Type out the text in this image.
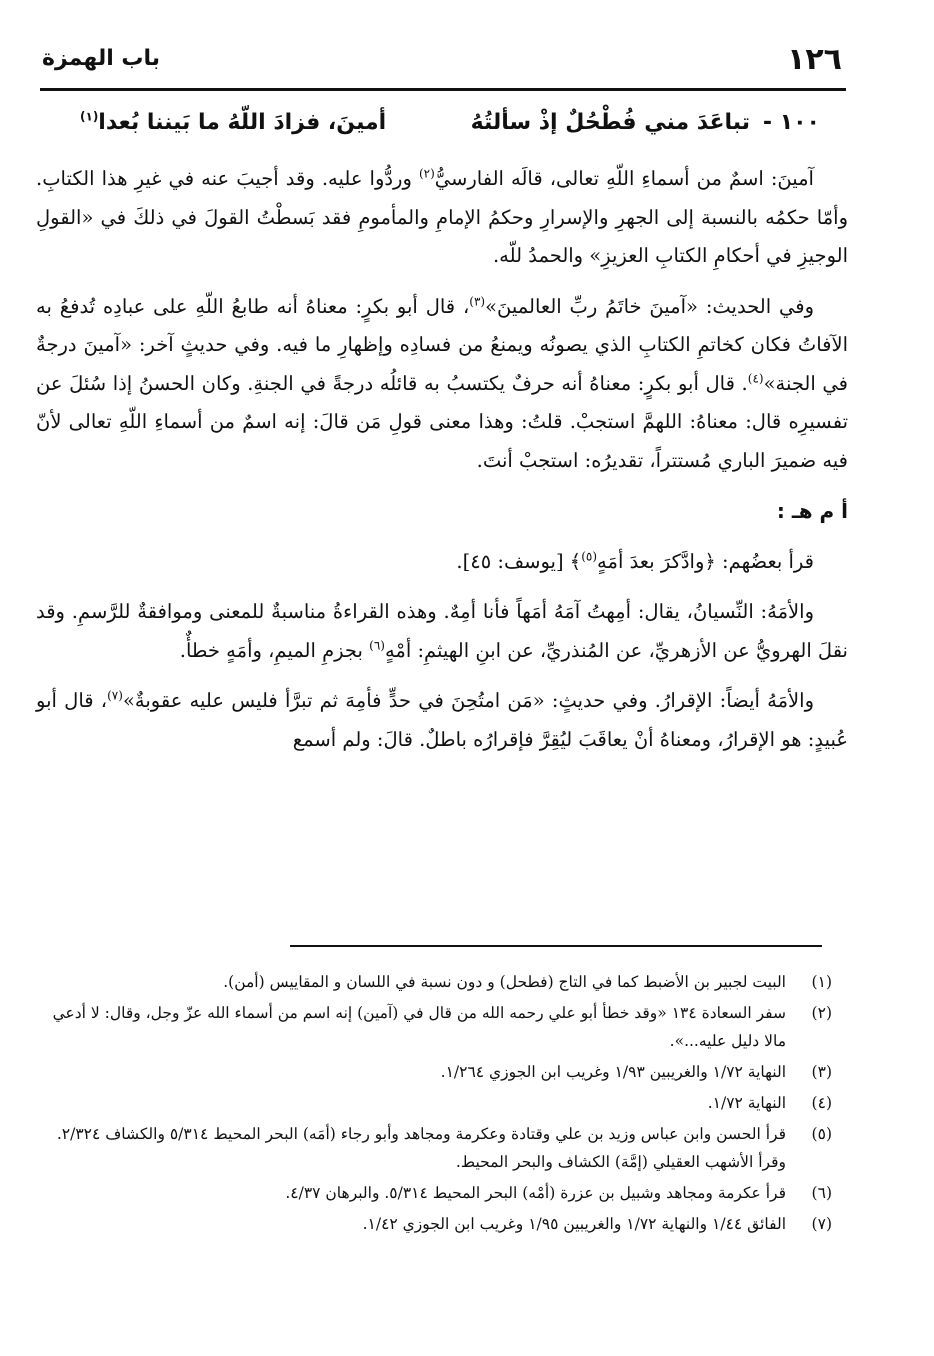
١٢٦
باب الهمزة
١٠٠ -
تباعَدَ مني فُطْحُلٌ إذْ سألتُهُ
أمينَ، فزادَ اللّهُ ما بَيننا بُعدا$^{(١)}$

آمينَ: اسمٌ من أسماءِ اللّهِ تعالى، قالَه الفارسيُّ$^{(٢)}$ وردُّوا عليه. وقد أجيبَ عنه في غيرِ هذا الكتابِ. وأمّا حكمُه بالنسبة إلى الجهرِ والإسرارِ وحكمُ الإمامِ والمأمومِ فقد بَسطْتُ القولَ في ذلكَ في «القولِ الوجيزِ في أحكامِ الكتابِ العزيزِ» والحمدُ للّه.

وفي الحديث: «آمينَ خاتَمُ ربِّ العالمينَ»$^{(٣)}$، قال أبو بكرٍ: معناهُ أنه طابعُ اللّهِ على عبادِه تُدفعُ به الآفاتُ فكان كخاتمِ الكتابِ الذي يصونُه ويمنعُ من فسادِه وإظهارِ ما فيه. وفي حديثٍ آخر: «آمينَ درجةٌ في الجنة»$^{(٤)}$. قال أبو بكرٍ: معناهُ أنه حرفٌ يكتسبُ به قائلُه درجةً في الجنةِ. وكان الحسنُ إذا سُئلَ عن تفسيرِه قال: معناهُ: اللهمَّ استجبْ. قلتُ: وهذا معنى قولِ مَن قالَ: إنه اسمٌ من أسماءِ اللّهِ تعالى لأنّ فيه ضميرَ الباري مُستتراً، تقديرُه: استجبْ أنتَ.

أ م هـ :

قرأ بعضُهم: ﴿وادَّكرَ بعدَ أمَهٍ$^{(٥)}$﴾ [يوسف: ٤٥].

والأمَهُ: النِّسيانُ، يقال: أمِهتُ آمَهُ أمَهاً فأنا أمِهٌ. وهذه القراءةُ مناسبةٌ للمعنى وموافقةٌ للرَّسمِ. وقد نقلَ الهرويُّ عن الأزهريِّ، عن المُنذريِّ، عن ابنِ الهيثمِ: أمْهٍ$^{(٦)}$ بجزمِ الميمِ، وأمَهٍ خطأٌ.

والأمَهُ أيضاً: الإقرارُ. وفي حديثٍ: «مَن امتُحِنَ في حدٍّ فأمِهَ ثم تبرَّأ فليس عليه عقوبةٌ»$^{(٧)}$، قال أبو عُبيدٍ: هو الإقرارُ، ومعناهُ أنْ يعاقَبَ ليُقِرَّ فإقرارُه باطلٌ. قالَ: ولم أسمع

(١)
البيت لجبير بن الأضبط كما في التاج (فطحل) و دون نسبة في اللسان و المقاييس (أمن).
(٢)
سفر السعادة ١٣٤ «وقد خطأ أبو علي رحمه الله من قال في (آمين) إنه اسم من أسماء الله عزّ وجل، وقال: لا أدعي مالا دليل عليه...».
(٣)
النهاية ١/٧٢ والغريبين ١/٩٣ وغريب ابن الجوزي ١/٢٦٤.
(٤)
النهاية ١/٧٢.
(٥)
قرأ الحسن وابن عباس وزيد بن علي وقتادة وعكرمة ومجاهد وأبو رجاء (أمَه) البحر المحيط ٥/٣١٤ والكشاف ٢/٣٢٤. وقرأ الأشهب العقيلي (إمَّة) الكشاف والبحر المحيط.
(٦)
قرأ عكرمة ومجاهد وشبيل بن عزرة (أمْه) البحر المحيط ٥/٣١٤. والبرهان ٤/٣٧.
(٧)
الفائق ١/٤٤ والنهاية ١/٧٢ والغريبين ١/٩٥ وغريب ابن الجوزي ١/٤٢.
